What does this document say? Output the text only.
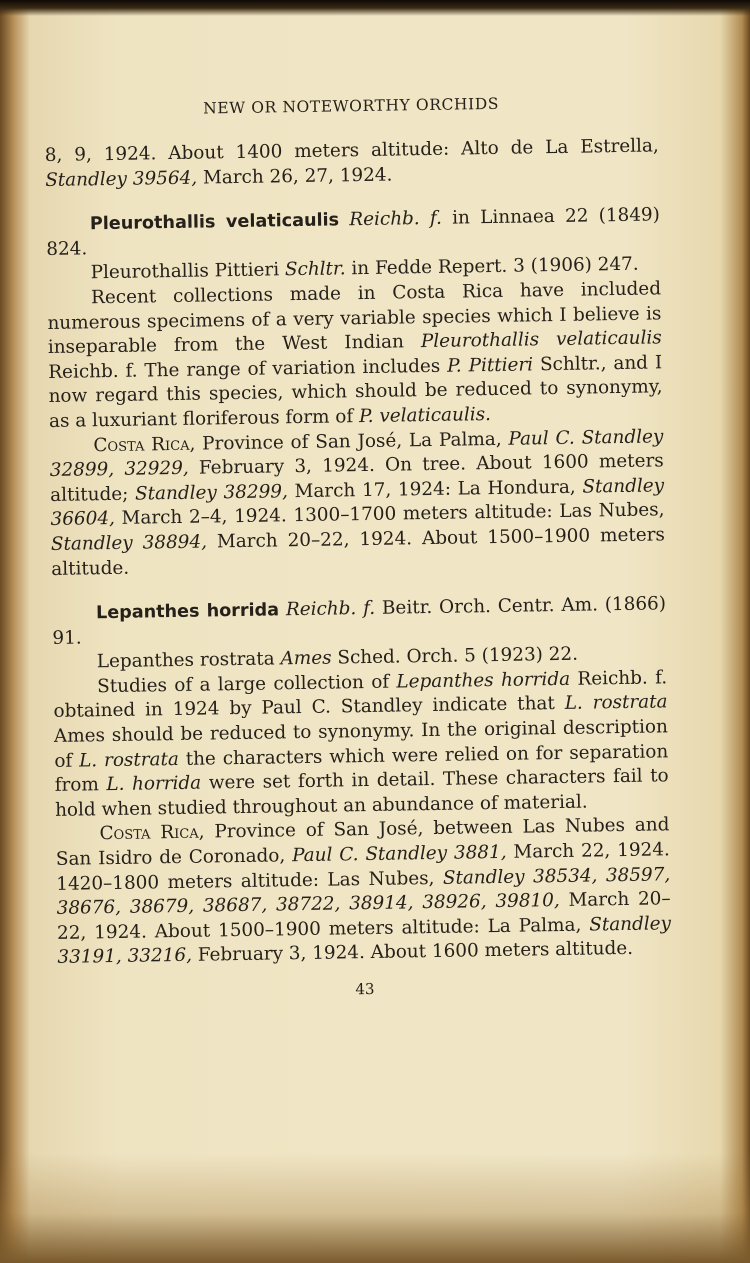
NEW OR NOTEWORTHY ORCHIDS

8, 9, 1924. About 1400 meters altitude: Alto de La Estrella, Standley 39564, March 26, 27, 1924.

Pleurothallis velaticaulis Reichb. f. in Linnaea 22 (1849) 824.

Pleurothallis Pittieri Schltr. in Fedde Repert. 3 (1906) 247.

Recent collections made in Costa Rica have included numerous specimens of a very variable species which I believe is inseparable from the West Indian Pleurothallis velaticaulis Reichb. f. The range of variation includes P. Pittieri Schltr., and I now regard this species, which should be reduced to synonymy, as a luxuriant floriferous form of P. velaticaulis.

Costa Rica, Province of San José, La Palma, Paul C. Standley 32899, 32929, February 3, 1924. On tree. About 1600 meters altitude; Standley 38299, March 17, 1924: La Hondura, Standley 36604, March 2–4, 1924. 1300–1700 meters altitude: Las Nubes, Standley 38894, March 20–22, 1924. About 1500–1900 meters altitude.

Lepanthes horrida Reichb. f. Beitr. Orch. Centr. Am. (1866) 91.

Lepanthes rostrata Ames Sched. Orch. 5 (1923) 22.

Studies of a large collection of Lepanthes horrida Reichb. f. obtained in 1924 by Paul C. Standley indicate that L. rostrata Ames should be reduced to synonymy. In the original description of L. rostrata the characters which were relied on for separation from L. horrida were set forth in detail. These characters fail to hold when studied throughout an abundance of material.

Costa Rica, Province of San José, between Las Nubes and San Isidro de Coronado, Paul C. Standley 3881, March 22, 1924. 1420–1800 meters altitude: Las Nubes, Standley 38534, 38597, 38676, 38679, 38687, 38722, 38914, 38926, 39810, March 20–22, 1924. About 1500–1900 meters altitude: La Palma, Standley 33191, 33216, February 3, 1924. About 1600 meters altitude.

43
